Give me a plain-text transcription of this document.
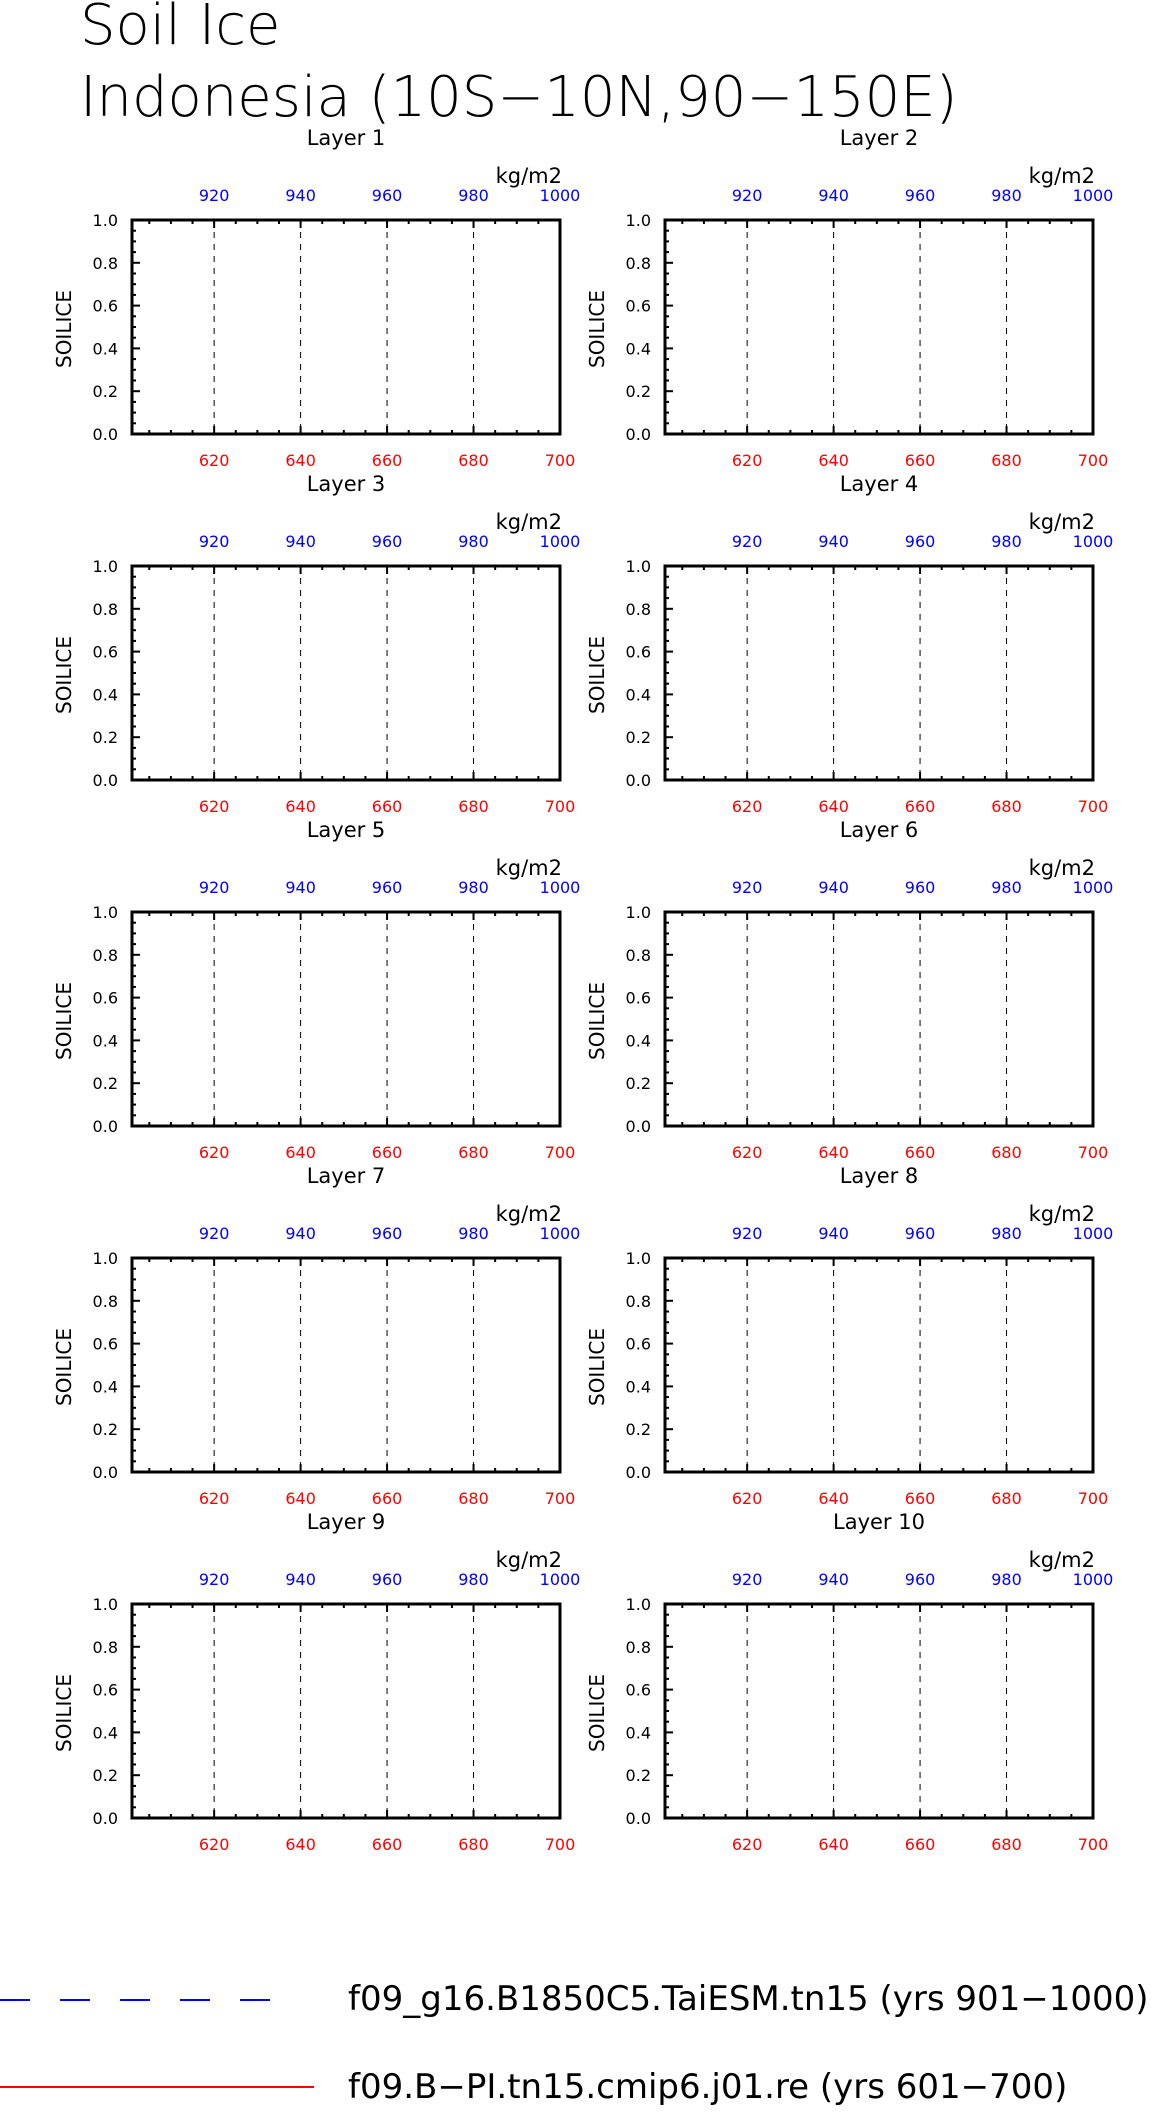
Soil Ice
Indonesia (10S−10N,90−150E)
Layer 1
kg/m2
SOILICE
0.0
0.2
0.4
0.6
0.8
1.0
620	640	660	680	700
920	940	960	980	1000
Layer 2
kg/m2
SOILICE
0.0
0.2
0.4
0.6
0.8
1.0
620	640	660	680	700
920	940	960	980	1000
Layer 3
kg/m2
SOILICE
0.0
0.2
0.4
0.6
0.8
1.0
620	640	660	680	700
920	940	960	980	1000
Layer 4
kg/m2
SOILICE
0.0
0.2
0.4
0.6
0.8
1.0
620	640	660	680	700
920	940	960	980	1000
Layer 5
kg/m2
SOILICE
0.0
0.2
0.4
0.6
0.8
1.0
620	640	660	680	700
920	940	960	980	1000
Layer 6
kg/m2
SOILICE
0.0
0.2
0.4
0.6
0.8
1.0
620	640	660	680	700
920	940	960	980	1000
Layer 7
kg/m2
SOILICE
0.0
0.2
0.4
0.6
0.8
1.0
620	640	660	680	700
920	940	960	980	1000
Layer 8
kg/m2
SOILICE
0.0
0.2
0.4
0.6
0.8
1.0
620	640	660	680	700
920	940	960	980	1000
Layer 9
kg/m2
SOILICE
0.0
0.2
0.4
0.6
0.8
1.0
620	640	660	680	700
920	940	960	980	1000
Layer 10
kg/m2
SOILICE
0.0
0.2
0.4
0.6
0.8
1.0
620	640	660	680	700
920	940	960	980	1000
f09_g16.B1850C5.TaiESM.tn15 (yrs 901−1000)
f09.B−PI.tn15.cmip6.j01.re (yrs 601−700)
